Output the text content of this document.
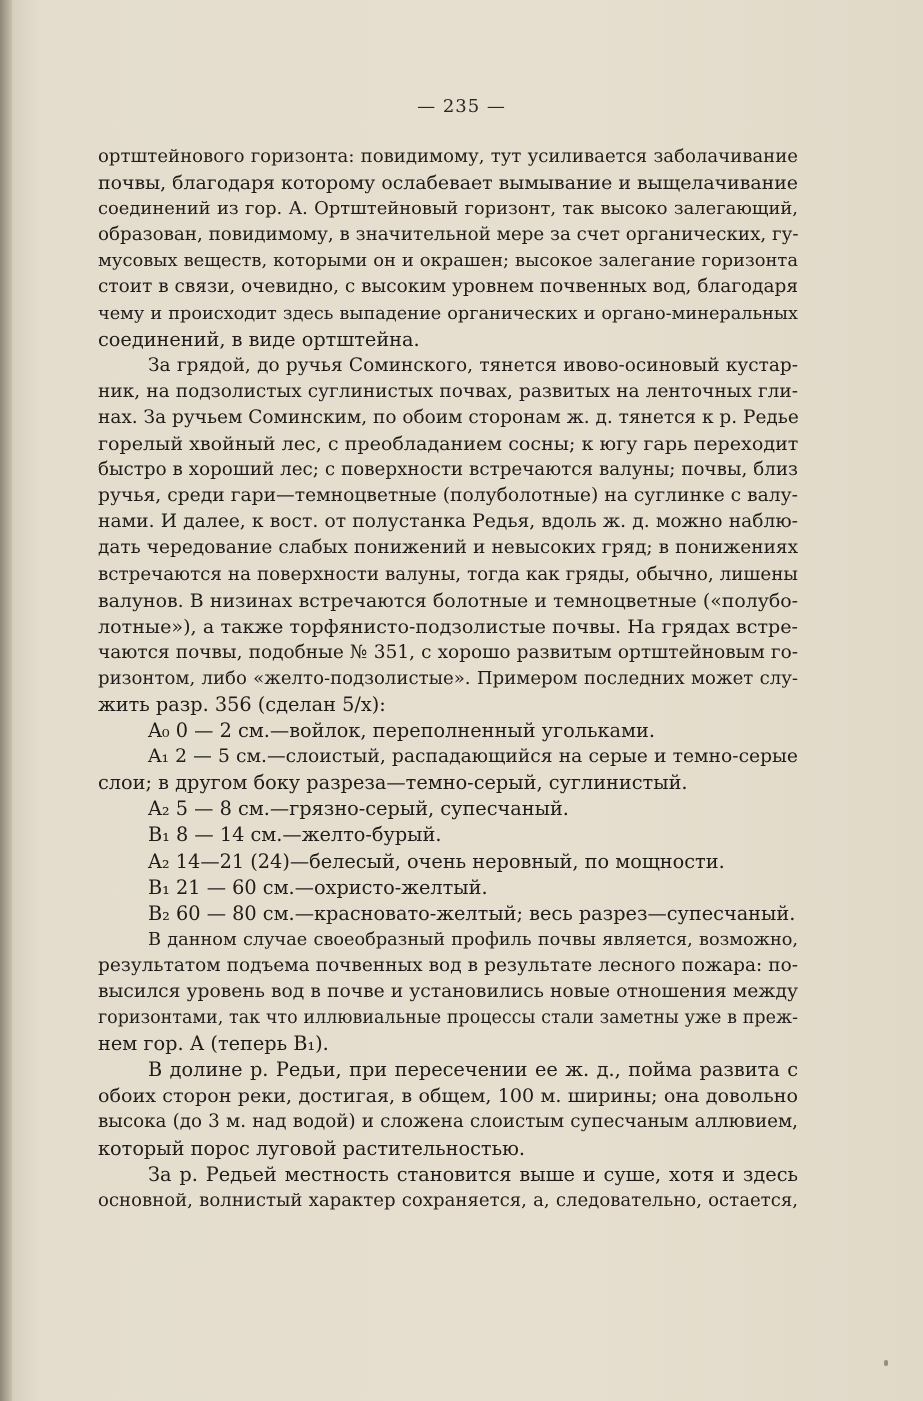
— 235 —
ортштейнового горизонта: повидимому, тут усиливается заболачивание
почвы, благодаря которому ослабевает вымывание и выщелачивание
соединений из гор. А. Ортштейновый горизонт, так высоко залегающий,
образован, повидимому, в значительной мере за счет органических, гу-
мусовых веществ, которыми он и окрашен; высокое залегание горизонта
стоит в связи, очевидно, с высоким уровнем почвенных вод, благодаря
чему и происходит здесь выпадение органических и органо-минеральных
соединений, в виде ортштейна.
За грядой, до ручья Соминского, тянется ивово-осиновый кустар-
ник, на подзолистых суглинистых почвах, развитых на ленточных гли-
нах. За ручьем Соминским, по обоим сторонам ж. д. тянется к р. Редье
горелый хвойный лес, с преобладанием сосны; к югу гарь переходит
быстро в хороший лес; с поверхности встречаются валуны; почвы, близ
ручья, среди гари—темноцветные (полуболотные) на суглинке с валу-
нами. И далее, к вост. от полустанка Редья, вдоль ж. д. можно наблю-
дать чередование слабых понижений и невысоких гряд; в понижениях
встречаются на поверхности валуны, тогда как гряды, обычно, лишены
валунов. В низинах встречаются болотные и темноцветные («полубо-
лотные»), а также торфянисто-подзолистые почвы. На грядах встре-
чаются почвы, подобные № 351, с хорошо развитым ортштейновым го-
ризонтом, либо «желто-подзолистые». Примером последних может слу-
жить разр. 356 (сделан 5/х):
A₀ 0 — 2 см.—войлок, переполненный угольками.
A₁ 2 — 5 см.—слоистый, распадающийся на серые и темно-серые
слои; в другом боку разреза—темно-серый, суглинистый.
A₂ 5 — 8 см.—грязно-серый, супесчаный.
B₁ 8 — 14 см.—желто-бурый.
A₂ 14—21 (24)—белесый, очень неровный, по мощности.
B₁ 21 — 60 см.—охристо-желтый.
B₂ 60 — 80 см.—красновато-желтый; весь разрез—супесчаный.
В данном случае своеобразный профиль почвы является, возможно,
результатом подъема почвенных вод в результате лесного пожара: по-
высился уровень вод в почве и установились новые отношения между
горизонтами, так что иллювиальные процессы стали заметны уже в преж-
нем гор. А (теперь B₁).
В долине р. Редьи, при пересечении ее ж. д., пойма развита с
обоих сторон реки, достигая, в общем, 100 м. ширины; она довольно
высока (до 3 м. над водой) и сложена слоистым супесчаным аллювием,
который порос луговой растительностью.
За р. Редьей местность становится выше и суше, хотя и здесь
основной, волнистый характер сохраняется, а, следовательно, остается,
